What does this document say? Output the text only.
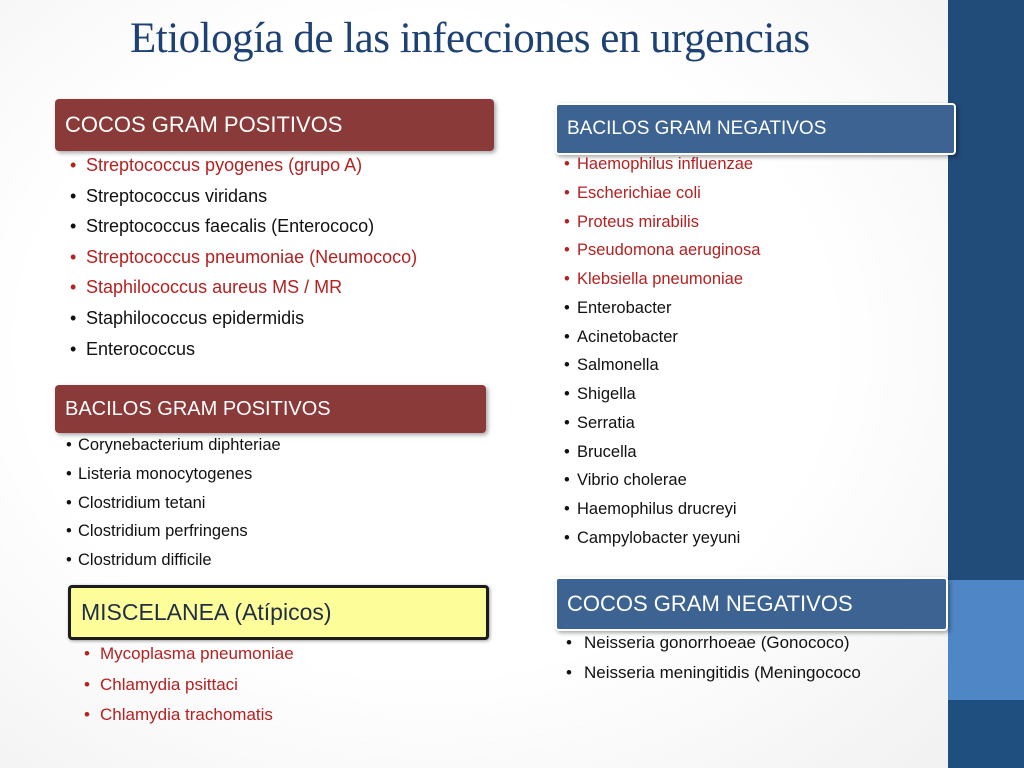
Etiología de las infecciones en urgencias
COCOS GRAM POSITIVOS
• Streptococcus pyogenes (grupo A)
• Streptococcus viridans
• Streptococcus faecalis (Enterococo)
• Streptococcus pneumoniae (Neumococo)
• Staphilococcus aureus MS / MR
• Staphilococcus epidermidis
• Enterococcus
BACILOS GRAM POSITIVOS
• Corynebacterium diphteriae
• Listeria monocytogenes
• Clostridium tetani
• Clostridium perfringens
• Clostridum difficile
MISCELANEA (Atípicos)
• Mycoplasma pneumoniae
• Chlamydia psittaci
• Chlamydia trachomatis
BACILOS GRAM NEGATIVOS
• Haemophilus influenzae
• Escherichiae coli
• Proteus mirabilis
• Pseudomona aeruginosa
• Klebsiella pneumoniae
• Enterobacter
• Acinetobacter
• Salmonella
• Shigella
• Serratia
• Brucella
• Vibrio cholerae
• Haemophilus drucreyi
• Campylobacter yeyuni
COCOS GRAM NEGATIVOS
• Neisseria gonorrhoeae (Gonococo)
• Neisseria meningitidis (Meningococo
